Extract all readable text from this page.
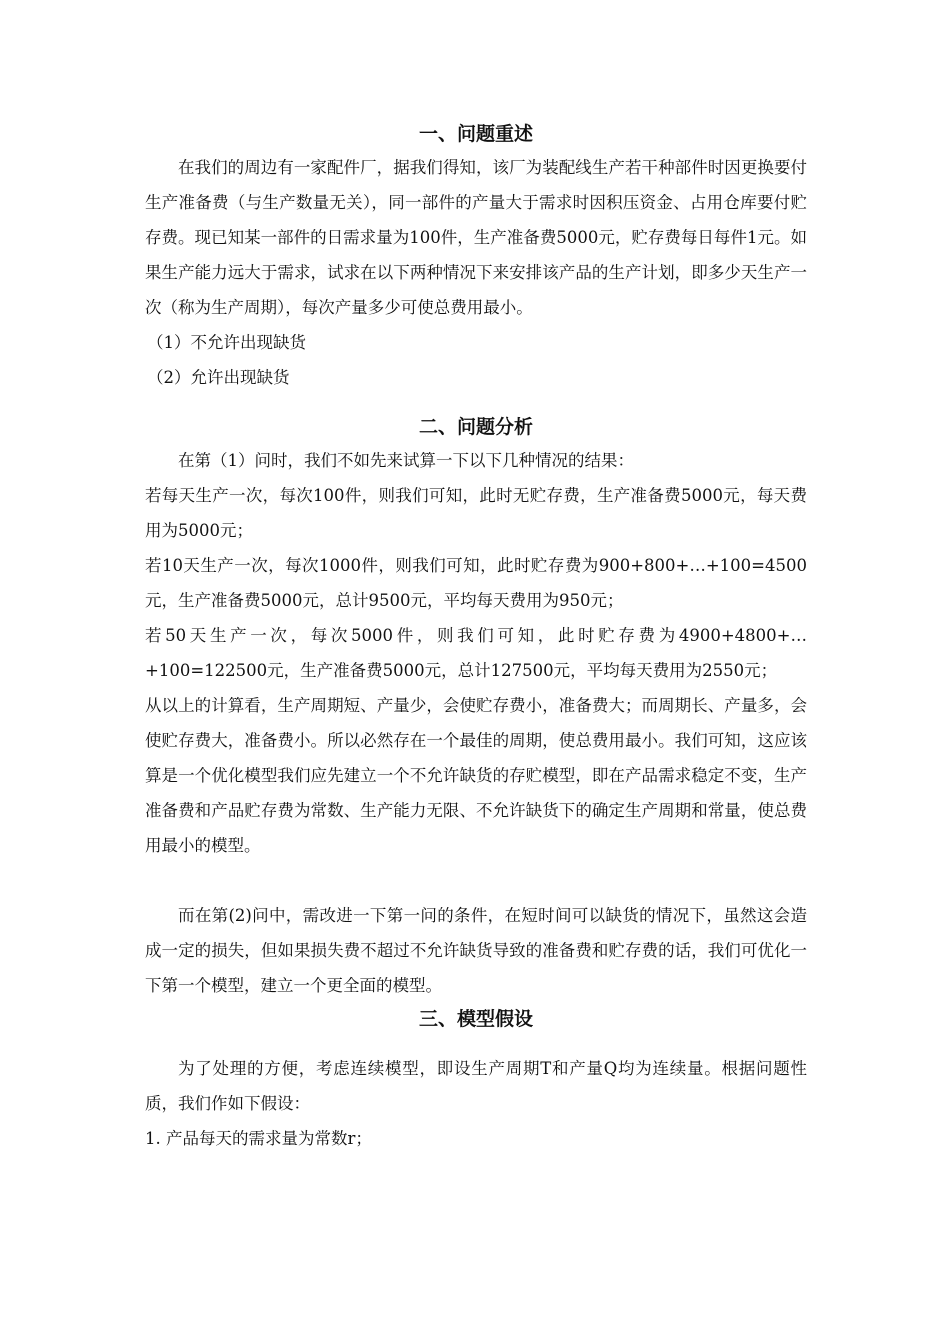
一、问题重述

在我们的周边有一家配件厂，据我们得知，该厂为装配线生产若干种部件时因更换要付生产准备费（与生产数量无关），同一部件的产量大于需求时因积压资金、占用仓库要付贮存费。现已知某一部件的日需求量为100件，生产准备费5000元，贮存费每日每件1元。如果生产能力远大于需求，试求在以下两种情况下来安排该产品的生产计划，即多少天生产一次（称为生产周期），每次产量多少可使总费用最小。

（1）不允许出现缺货

（2）允许出现缺货

二、问题分析

在第（1）问时，我们不如先来试算一下以下几种情况的结果：

若每天生产一次，每次100件，则我们可知，此时无贮存费，生产准备费5000元，每天费用为5000元；

若10天生产一次，每次1000件，则我们可知，此时贮存费为900+800+…+100=4500元，生产准备费5000元，总计9500元，平均每天费用为950元；

若50天生产一次，每次5000件，则我们可知，此时贮存费为4900+4800+…+100=122500元，生产准备费5000元，总计127500元，平均每天费用为2550元；

从以上的计算看，生产周期短、产量少，会使贮存费小，准备费大；而周期长、产量多，会使贮存费大，准备费小。所以必然存在一个最佳的周期，使总费用最小。我们可知，这应该算是一个优化模型我们应先建立一个不允许缺货的存贮模型，即在产品需求稳定不变，生产准备费和产品贮存费为常数、生产能力无限、不允许缺货下的确定生产周期和常量，使总费用最小的模型。

而在第(2)问中，需改进一下第一问的条件，在短时间可以缺货的情况下，虽然这会造成一定的损失，但如果损失费不超过不允许缺货导致的准备费和贮存费的话，我们可优化一下第一个模型，建立一个更全面的模型。

三、模型假设

为了处理的方便，考虑连续模型，即设生产周期T和产量Q均为连续量。根据问题性质，我们作如下假设：

1. 产品每天的需求量为常数r；
